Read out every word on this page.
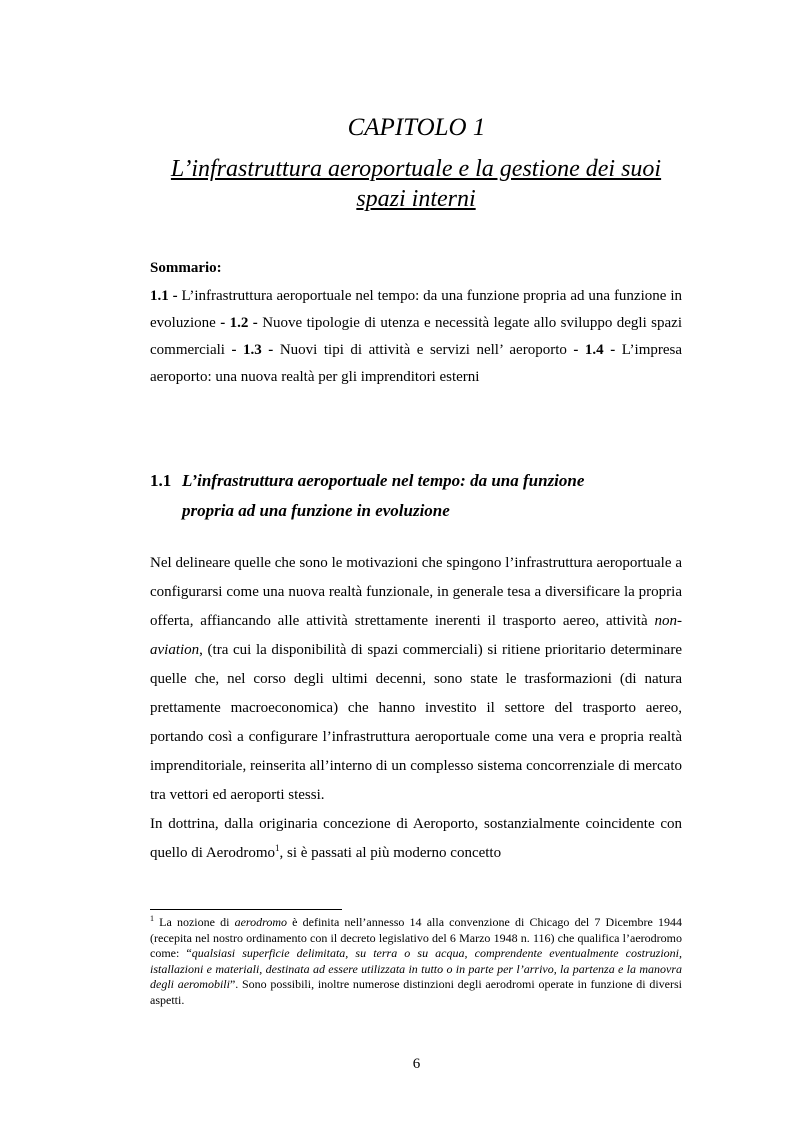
CAPITOLO 1
L’infrastruttura aeroportuale e la gestione dei suoi spazi interni
Sommario:
1.1 - L’infrastruttura aeroportuale nel tempo: da una funzione propria ad una funzione in evoluzione - 1.2 - Nuove tipologie di utenza e necessità legate allo sviluppo degli spazi commerciali - 1.3 - Nuovi tipi di attività e servizi nell’ aeroporto - 1.4 - L’impresa aeroporto: una nuova realtà per gli imprenditori esterni
1.1 L’infrastruttura aeroportuale nel tempo: da una funzione
propria ad una funzione in evoluzione

Nel delineare quelle che sono le motivazioni che spingono l’infrastruttura aeroportuale a configurarsi come una nuova realtà funzionale, in generale tesa a diversificare la propria offerta, affiancando alle attività strettamente inerenti il trasporto aereo, attività non-aviation, (tra cui la disponibilità di spazi commerciali) si ritiene prioritario determinare quelle che, nel corso degli ultimi decenni, sono state le trasformazioni (di natura prettamente macroeconomica) che hanno investito il settore del trasporto aereo, portando così a configurare l’infrastruttura aeroportuale come una vera e propria realtà imprenditoriale, reinserita all’interno di un complesso sistema concorrenziale di mercato tra vettori ed aeroporti stessi.

In dottrina, dalla originaria concezione di Aeroporto, sostanzialmente coincidente con quello di Aerodromo$^1$, si è passati al più moderno concetto

$^1$ La nozione di aerodromo è definita nell’annesso 14 alla convenzione di Chicago del 7 Dicembre 1944 (recepita nel nostro ordinamento con il decreto legislativo del 6 Marzo 1948 n. 116) che qualifica l’aerodromo come: “qualsiasi superficie delimitata, su terra o su acqua, comprendente eventualmente costruzioni, istallazioni e materiali, destinata ad essere utilizzata in tutto o in parte per l’arrivo, la partenza e la manovra degli aeromobili”. Sono possibili, inoltre numerose distinzioni degli aerodromi operate in funzione di diversi aspetti.
6
